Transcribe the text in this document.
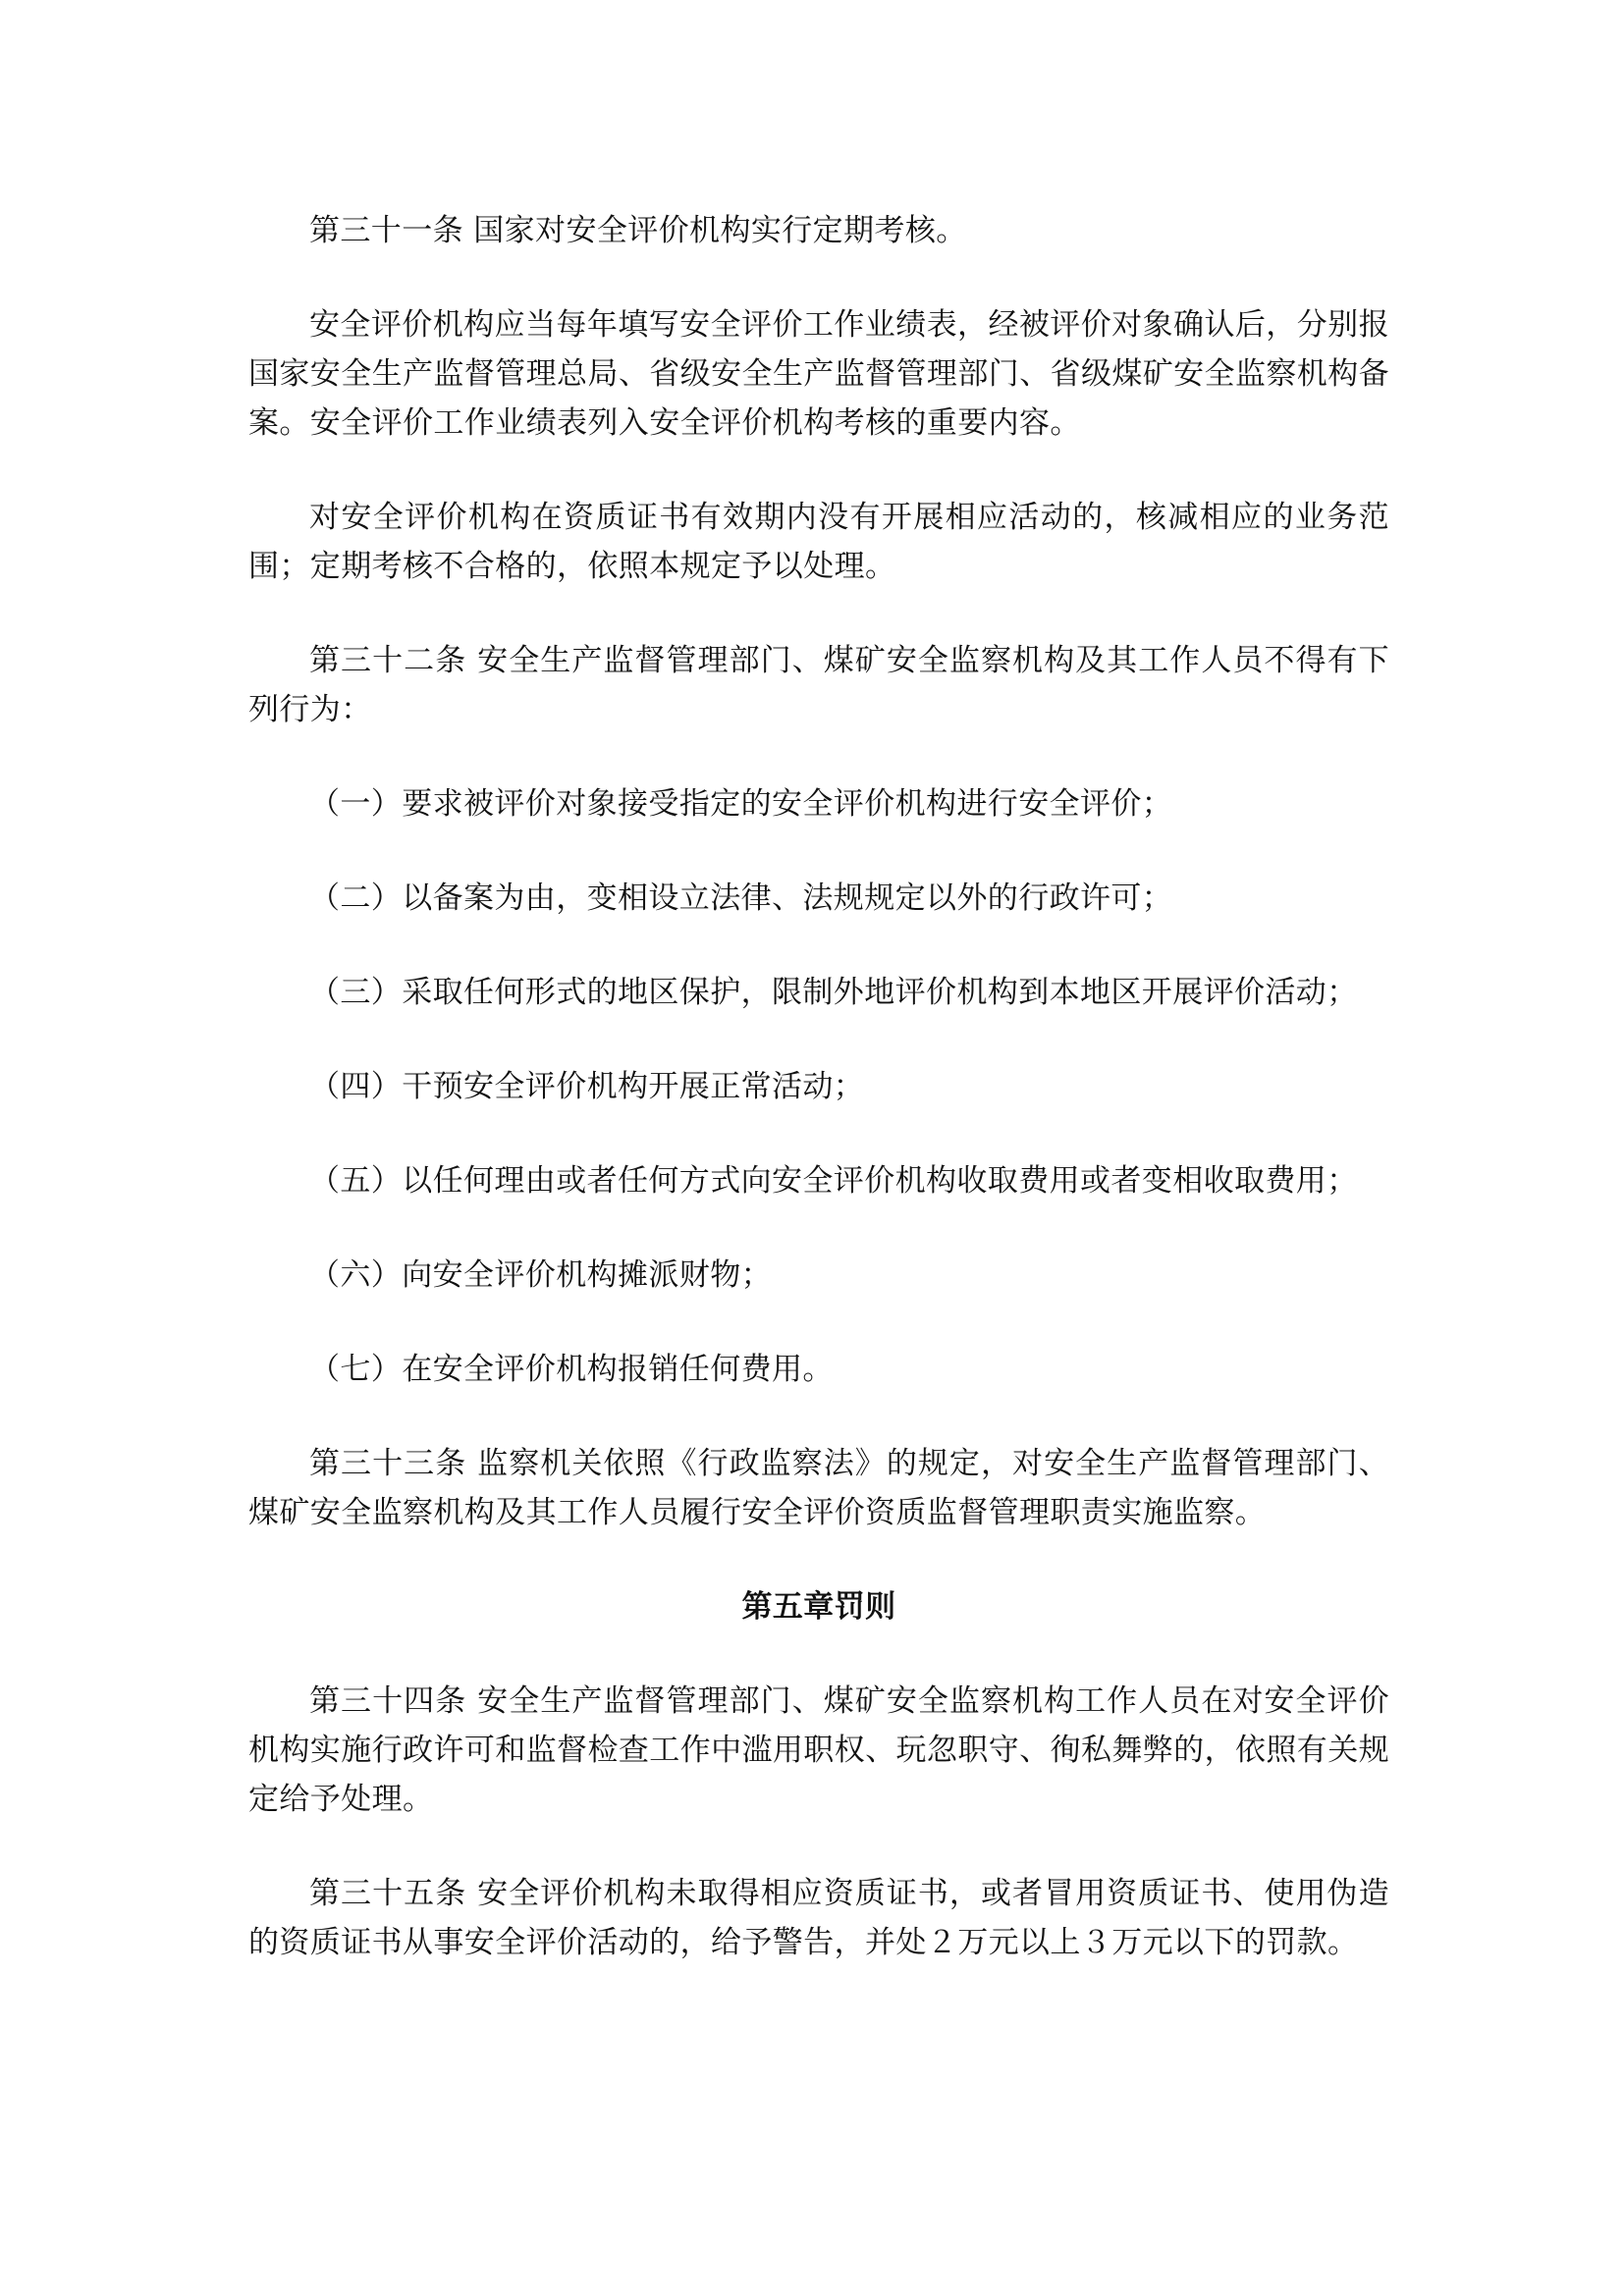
第三十一条 国家对安全评价机构实行定期考核。

安全评价机构应当每年填写安全评价工作业绩表，经被评价对象确认后，分别报国家安全生产监督管理总局、省级安全生产监督管理部门、省级煤矿安全监察机构备案。安全评价工作业绩表列入安全评价机构考核的重要内容。

对安全评价机构在资质证书有效期内没有开展相应活动的，核减相应的业务范围；定期考核不合格的，依照本规定予以处理。

第三十二条 安全生产监督管理部门、煤矿安全监察机构及其工作人员不得有下列行为：

（一）要求被评价对象接受指定的安全评价机构进行安全评价；

（二）以备案为由，变相设立法律、法规规定以外的行政许可；

（三）采取任何形式的地区保护，限制外地评价机构到本地区开展评价活动；

（四）干预安全评价机构开展正常活动；

（五）以任何理由或者任何方式向安全评价机构收取费用或者变相收取费用；

（六）向安全评价机构摊派财物；

（七）在安全评价机构报销任何费用。

第三十三条 监察机关依照《行政监察法》的规定，对安全生产监督管理部门、煤矿安全监察机构及其工作人员履行安全评价资质监督管理职责实施监察。

第五章罚则

第三十四条 安全生产监督管理部门、煤矿安全监察机构工作人员在对安全评价机构实施行政许可和监督检查工作中滥用职权、玩忽职守、徇私舞弊的，依照有关规定给予处理。

第三十五条 安全评价机构未取得相应资质证书，或者冒用资质证书、使用伪造的资质证书从事安全评价活动的，给予警告，并处２万元以上３万元以下的罚款。
